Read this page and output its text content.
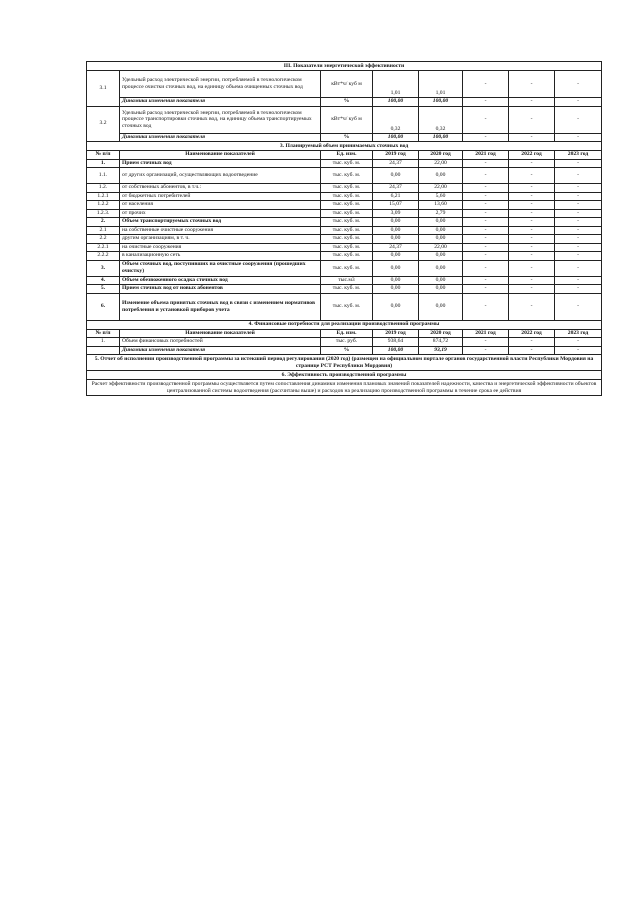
III. Показатели энергетической эффективности							
3.1	Удельный расход электрической энергии, потребляемой в технологическом процессе очистки сточных вод, на единицу объема очищенных сточных вод	кВт*ч/ куб м	1,01	1,01	-	-	-
	Динамика изменения показателя	%	100,00	100,00	-	-	-
3.2	Удельный расход электрической энергии, потребляемой в технологическом процессе транспортировки сточных вод, на единицу объема транспортируемых сточных вод	кВт*ч/ куб м	0,32	0,32	-	-	-
	Динамика изменения показателя	%	100,00	100,00	-	-	-
3. Планируемый объем принимаемых сточных вод							
№ п/п	Наименование показателей	Ед. изм.	2019 год	2020 год	2021 год	2022 год	2023 год
1.	Прием сточных вод	тыс. куб. м.	24,37	22,00	-	-	-
1.1.	от других организаций, осуществляющих водоотведение	тыс. куб. м.	0,00	0,00	-	-	-
1.2.	от собственных абонентов, в т.ч.:	тыс. куб. м.	24,37	22,00	-	-	-
1.2.1	от бюджетных потребителей	тыс. куб. м.	6,21	5,60	-	-	-
1.2.2	от населения	тыс. куб. м.	15,07	13,60	-	-	-
1.2.3.	от прочих	тыс. куб. м.	3,09	2,79	-	-	-
2.	Объем транспортируемых сточных вод	тыс. куб. м.	0,00	0,00	-	-	-
2.1	на собственные очистные сооружения	тыс. куб. м.	0,00	0,00	-	-	-
2.2	другим организациям, в т. ч.	тыс. куб. м.	0,00	0,00	-	-	-
2.2.1	на очистные сооружения	тыс. куб. м.	24,37	22,00	-	-	-
2.2.2	в канализационную сеть	тыс. куб. м.	0,00	0,00	-	-	-
3.	Объем сточных вод, поступивших на очистные сооружения (прошедших очистку)	тыс. куб. м.	0,00	0,00	-	-	-
4.	Объем обезвоженного осадка сточных вод	тыс.м3	0,00	0,00	-	-	-
5.	Прием сточных вод от новых абонентов	тыс. куб. м.	0,00	0,00	-	-	-
6.	Изменение объема принятых сточных вод в связи с изменением нормативов потребления и установкой приборов учета	тыс. куб. м.	0,00	0,00	-	-	-
4. Финансовые потребности для реализации производственной программы							
№ п/п	Наименование показателей	Ед. изм.	2019 год	2020 год	2021 год	2022 год	2023 год
1.	Объем финансовых потребностей	тыс. руб.	938,64	874,72	-	-	-
	Динамика изменения показателя	%	100,00	93,19	-	-	-
5. Отчет об исполнении производственной программы за истекший период регулирования (2020 год) (размещен на официальном портале органов государственной власти Республики Мордовия на странице РСТ Республики Мордовия)							
6. Эффективность производственной программы							
Расчет эффективности производственной программы осуществляется путем сопоставления динамики изменения плановых значений показателей надежности, качества и энергетической эффективности объектов централизованной системы водоотведения (рассчитаны выше) и расходов на реализацию производственной программы в течение срока ее действия							
